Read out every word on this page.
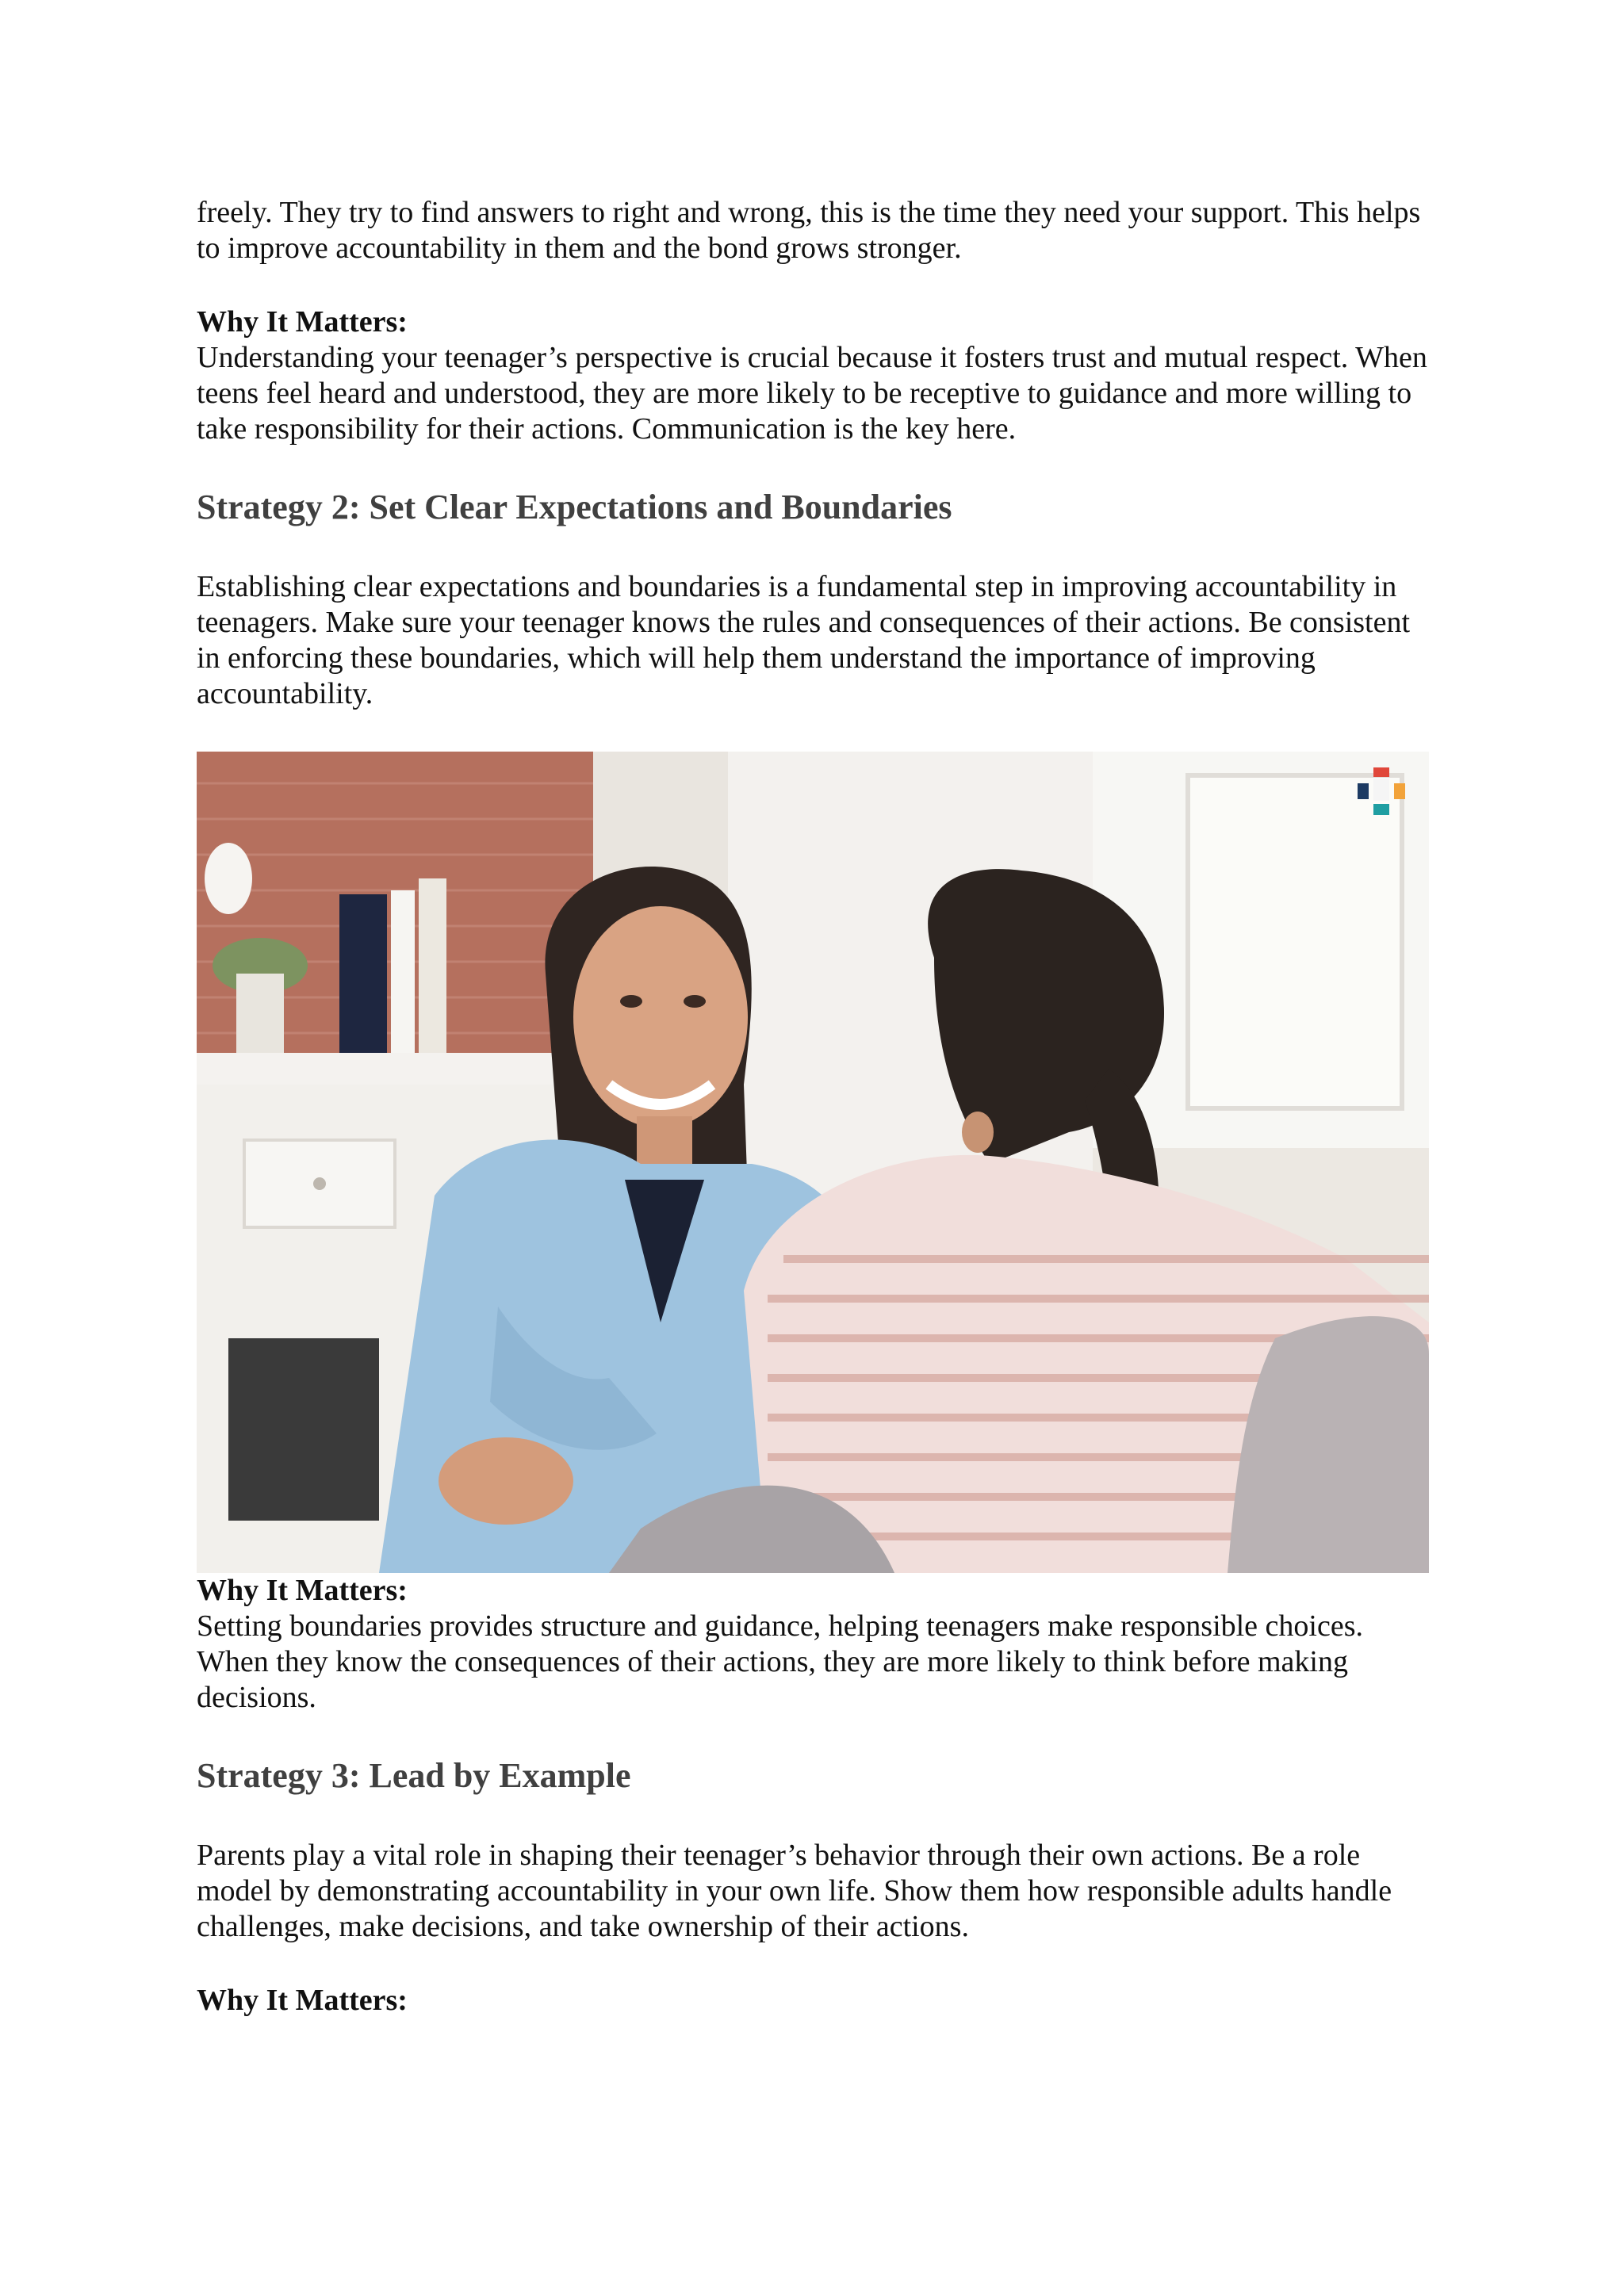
freely. They try to find answers to right and wrong, this is the time they need your support. This helps to improve accountability in them and the bond grows stronger.

Why It Matters:

Understanding your teenager’s perspective is crucial because it fosters trust and mutual respect. When teens feel heard and understood, they are more likely to be receptive to guidance and more willing to take responsibility for their actions. Communication is the key here.

Strategy 2: Set Clear Expectations and Boundaries

Establishing clear expectations and boundaries is a fundamental step in improving accountability in teenagers. Make sure your teenager knows the rules and consequences of their actions. Be consistent in enforcing these boundaries, which will help them understand the importance of improving accountability.

Why It Matters:

Setting boundaries provides structure and guidance, helping teenagers make responsible choices. When they know the consequences of their actions, they are more likely to think before making decisions.

Strategy 3: Lead by Example

Parents play a vital role in shaping their teenager’s behavior through their own actions. Be a role model by demonstrating accountability in your own life. Show them how responsible adults handle challenges, make decisions, and take ownership of their actions.

Why It Matters:
